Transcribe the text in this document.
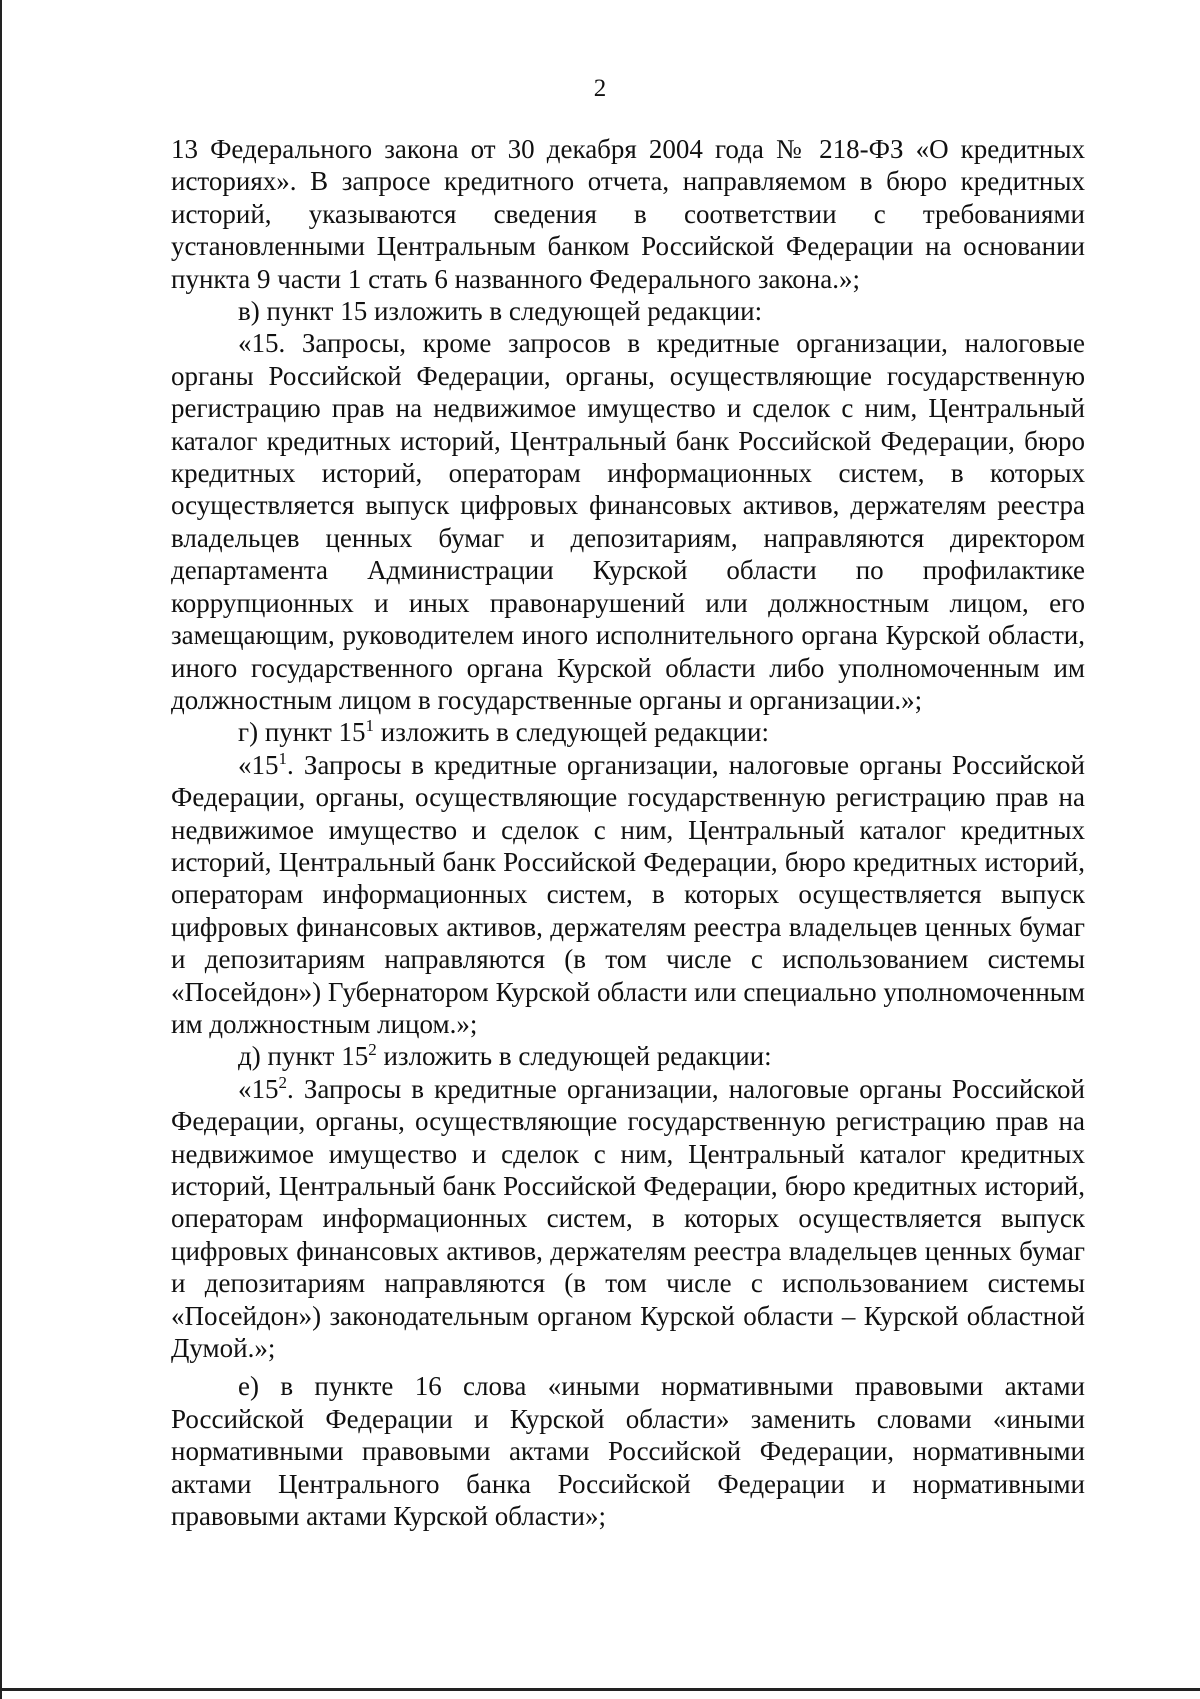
2

13 Федерального закона от 30 декабря 2004 года № 218-ФЗ «О кредитных историях». В запросе кредитного отчета, направляемом в бюро кредитных историй, указываются сведения в соответствии с требованиями установленными Центральным банком Российской Федерации на основании пункта 9 части 1 стать 6 названного Федерального закона.»;

в) пункт 15 изложить в следующей редакции:

«15. Запросы, кроме запросов в кредитные организации, налоговые органы Российской Федерации, органы, осуществляющие государственную регистрацию прав на недвижимое имущество и сделок с ним, Центральный каталог кредитных историй, Центральный банк Российской Федерации, бюро кредитных историй, операторам информационных систем, в которых осуществляется выпуск цифровых финансовых активов, держателям реестра владельцев ценных бумаг и депозитариям, направляются директором департамента Администрации Курской области по профилактике коррупционных и иных правонарушений или должностным лицом, его замещающим, руководителем иного исполнительного органа Курской области, иного государственного органа Курской области либо уполномоченным им должностным лицом в государственные органы и организации.»;

г) пункт $15^1$ изложить в следующей редакции:

«$15^1$. Запросы в кредитные организации, налоговые органы Российской Федерации, органы, осуществляющие государственную регистрацию прав на недвижимое имущество и сделок с ним, Центральный каталог кредитных историй, Центральный банк Российской Федерации, бюро кредитных историй, операторам информационных систем, в которых осуществляется выпуск цифровых финансовых активов, держателям реестра владельцев ценных бумаг и депозитариям направляются (в том числе с использованием системы «Посейдон») Губернатором Курской области или специально уполномоченным им должностным лицом.»;

д) пункт $15^2$ изложить в следующей редакции:

«$15^2$. Запросы в кредитные организации, налоговые органы Российской Федерации, органы, осуществляющие государственную регистрацию прав на недвижимое имущество и сделок с ним, Центральный каталог кредитных историй, Центральный банк Российской Федерации, бюро кредитных историй, операторам информационных систем, в которых осуществляется выпуск цифровых финансовых активов, держателям реестра владельцев ценных бумаг и депозитариям направляются (в том числе с использованием системы «Посейдон») законодательным органом Курской области – Курской областной Думой.»;

е) в пункте 16 слова «иными нормативными правовыми актами Российской Федерации и Курской области» заменить словами «иными нормативными правовыми актами Российской Федерации, нормативными актами Центрального банка Российской Федерации и нормативными правовыми актами Курской области»;
